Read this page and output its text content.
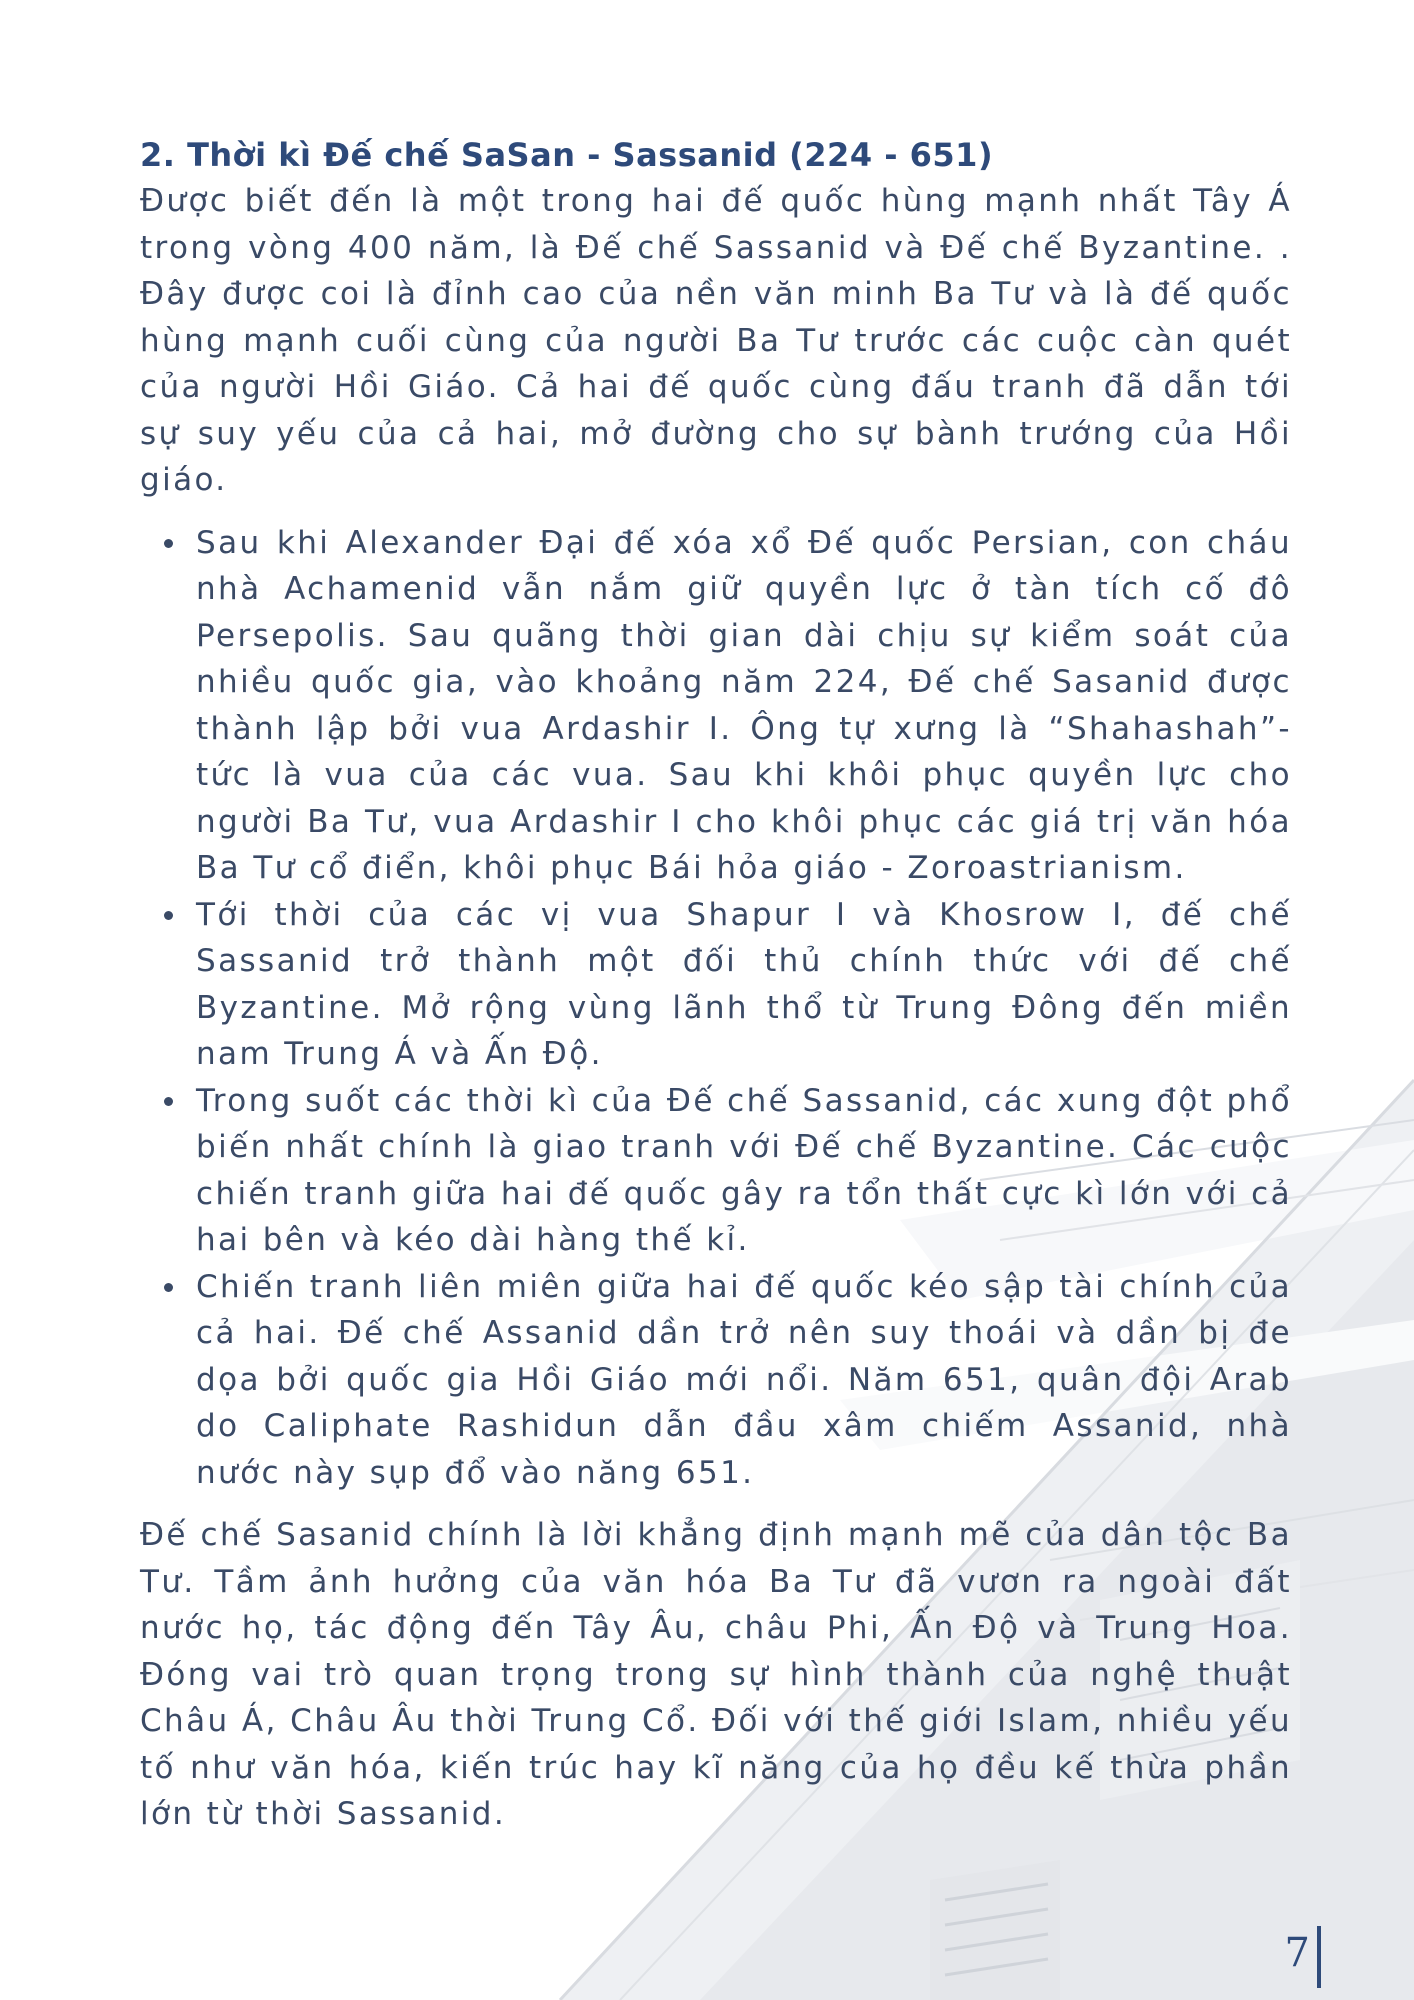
2. Thời kì Đế chế SaSan - Sassanid (224 - 651)

Được biết đến là một trong hai đế quốc hùng mạnh nhất Tây Á trong vòng 400 năm, là Đế chế Sassanid và Đế chế Byzantine. . Đây được coi là đỉnh cao của nền văn minh Ba Tư và là đế quốc hùng mạnh cuối cùng của người Ba Tư trước các cuộc càn quét của người Hồi Giáo. Cả hai đế quốc cùng đấu tranh đã dẫn tới sự suy yếu của cả hai, mở đường cho sự bành trướng của Hồi giáo.

Sau khi Alexander Đại đế xóa xổ Đế quốc Persian, con cháu nhà Achamenid vẫn nắm giữ quyền lực ở tàn tích cố đô Persepolis. Sau quãng thời gian dài chịu sự kiểm soát của nhiều quốc gia, vào khoảng năm 224, Đế chế Sasanid được thành lập bởi vua Ardashir I. Ông tự xưng là “Shahashah”- tức là vua của các vua. Sau khi khôi phục quyền lực cho người Ba Tư, vua Ardashir I cho khôi phục các giá trị văn hóa Ba Tư cổ điển, khôi phục Bái hỏa giáo - Zoroastrianism.
Tới thời của các vị vua Shapur I và Khosrow I, đế chế Sassanid trở thành một đối thủ chính thức với đế chế Byzantine. Mở rộng vùng lãnh thổ từ Trung Đông đến miền nam Trung Á và Ấn Độ.
Trong suốt các thời kì của Đế chế Sassanid, các xung đột phổ biến nhất chính là giao tranh với Đế chế Byzantine. Các cuộc chiến tranh giữa hai đế quốc gây ra tổn thất cực kì lớn với cả hai bên và kéo dài hàng thế kỉ.
Chiến tranh liên miên giữa hai đế quốc kéo sập tài chính của cả hai. Đế chế Assanid dần trở nên suy thoái và dần bị đe dọa bởi quốc gia Hồi Giáo mới nổi. Năm 651, quân đội Arab do Caliphate Rashidun dẫn đầu xâm chiếm Assanid, nhà nước này sụp đổ vào năng 651.

Đế chế Sasanid chính là lời khẳng định mạnh mẽ của dân tộc Ba Tư. Tầm ảnh hưởng của văn hóa Ba Tư đã vươn ra ngoài đất nước họ, tác động đến Tây Âu, châu Phi, Ấn Độ và Trung Hoa. Đóng vai trò quan trọng trong sự hình thành của nghệ thuật Châu Á, Châu Âu thời Trung Cổ. Đối với thế giới Islam, nhiều yếu tố như văn hóa, kiến trúc hay kĩ năng của họ đều kế thừa phần lớn từ thời Sassanid.

7
